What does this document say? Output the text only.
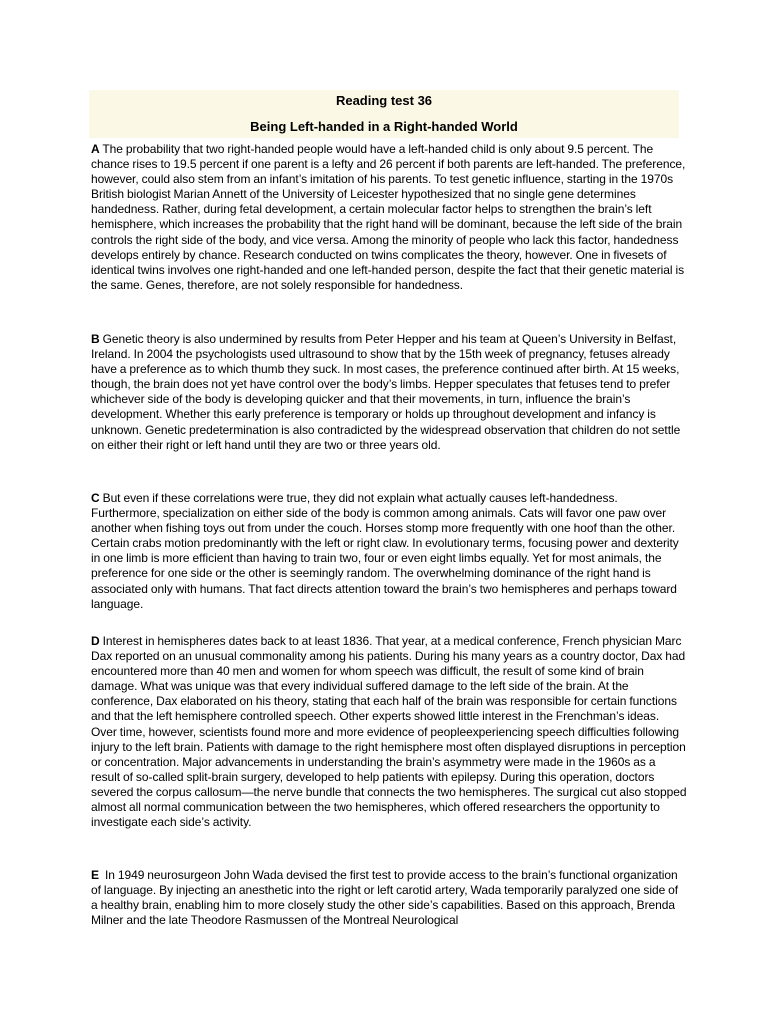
Reading test 36
Being Left-handed in a Right-handed World

A The probability that two right-handed people would have a left-handed child is only about 9.5 percent. The chance rises to 19.5 percent if one parent is a lefty and 26 percent if both parents are left-handed. The preference, however, could also stem from an infant’s imitation of his parents. To test genetic influence, starting in the 1970s British biologist Marian Annett of the University of Leicester hypothesized that no single gene determines handedness. Rather, during fetal development, a certain molecular factor helps to strengthen the brain’s left hemisphere, which increases the probability that the right hand will be dominant, because the left side of the brain controls the right side of the body, and vice versa. Among the minority of people who lack this factor, handedness develops entirely by chance. Research conducted on twins complicates the theory, however. One in fivesets of identical twins involves one right-handed and one left-handed person, despite the fact that their genetic material is the same. Genes, therefore, are not solely responsible for handedness.

B Genetic theory is also undermined by results from Peter Hepper and his team at Queen’s University in Belfast, Ireland. In 2004 the psychologists used ultrasound to show that by the 15th week of pregnancy, fetuses already have a preference as to which thumb they suck. In most cases, the preference continued after birth. At 15 weeks, though, the brain does not yet have control over the body’s limbs. Hepper speculates that fetuses tend to prefer whichever side of the body is developing quicker and that their movements, in turn, influence the brain’s development. Whether this early preference is temporary or holds up throughout development and infancy is unknown. Genetic predetermination is also contradicted by the widespread observation that children do not settle on either their right or left hand until they are two or three years old.

C But even if these correlations were true, they did not explain what actually causes left-handedness. Furthermore, specialization on either side of the body is common among animals. Cats will favor one paw over another when fishing toys out from under the couch. Horses stomp more frequently with one hoof than the other. Certain crabs motion predominantly with the left or right claw. In evolutionary terms, focusing power and dexterity in one limb is more efficient than having to train two, four or even eight limbs equally. Yet for most animals, the preference for one side or the other is seemingly random. The overwhelming dominance of the right hand is associated only with humans. That fact directs attention toward the brain’s two hemispheres and perhaps toward language.

D Interest in hemispheres dates back to at least 1836. That year, at a medical conference, French physician Marc Dax reported on an unusual commonality among his patients. During his many years as a country doctor, Dax had encountered more than 40 men and women for whom speech was difficult, the result of some kind of brain damage. What was unique was that every individual suffered damage to the left side of the brain. At the conference, Dax elaborated on his theory, stating that each half of the brain was responsible for certain functions and that the left hemisphere controlled speech. Other experts showed little interest in the Frenchman’s ideas. Over time, however, scientists found more and more evidence of peopleexperiencing speech difficulties following injury to the left brain. Patients with damage to the right hemisphere most often displayed disruptions in perception or concentration. Major advancements in understanding the brain’s asymmetry were made in the 1960s as a result of so-called split-brain surgery, developed to help patients with epilepsy. During this operation, doctors severed the corpus callosum—the nerve bundle that connects the two hemispheres. The surgical cut also stopped almost all normal communication between the two hemispheres, which offered researchers the opportunity to investigate each side’s activity.

E In 1949 neurosurgeon John Wada devised the first test to provide access to the brain’s functional organization of language. By injecting an anesthetic into the right or left carotid artery, Wada temporarily paralyzed one side of a healthy brain, enabling him to more closely study the other side’s capabilities. Based on this approach, Brenda Milner and the late Theodore Rasmussen of the Montreal Neurological
